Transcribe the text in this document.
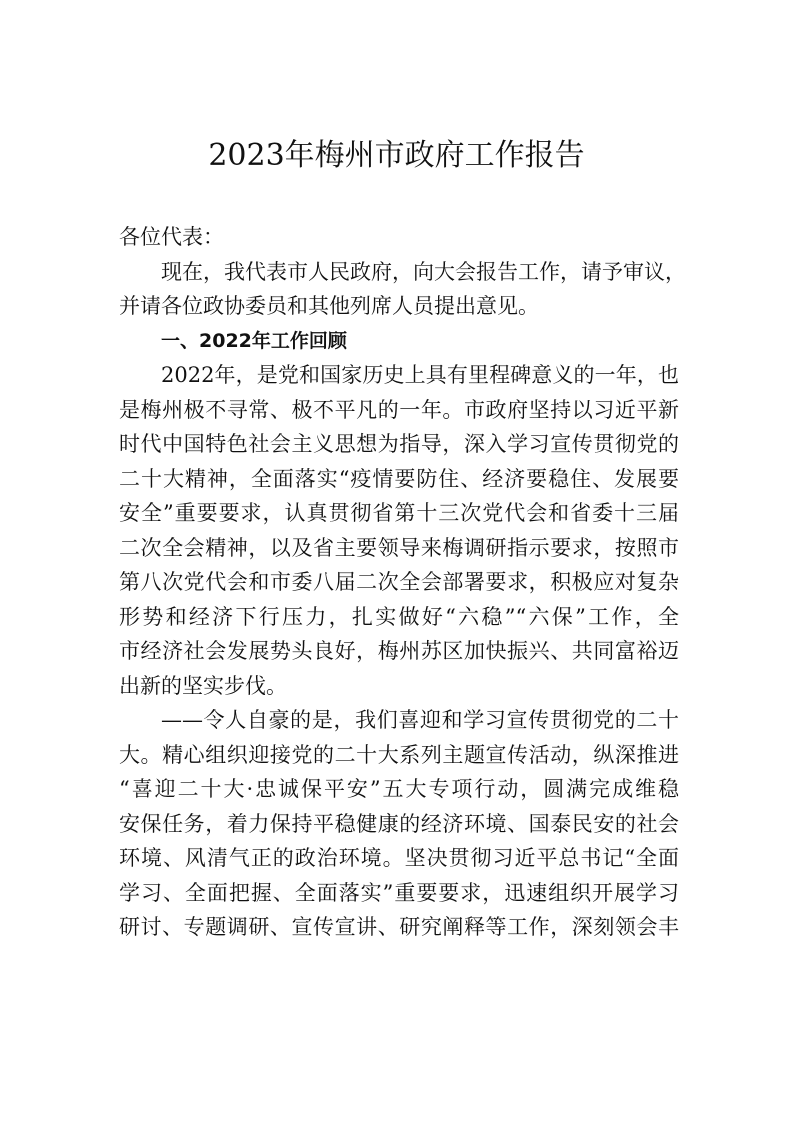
2023年梅州市政府工作报告
各位代表：
现在，我代表市人民政府，向大会报告工作，请予审议，
并请各位政协委员和其他列席人员提出意见。
一、2022年工作回顾
2022年，是党和国家历史上具有里程碑意义的一年，也
是梅州极不寻常、极不平凡的一年。市政府坚持以习近平新
时代中国特色社会主义思想为指导，深入学习宣传贯彻党的
二十大精神，全面落实“疫情要防住、经济要稳住、发展要
安全”重要要求，认真贯彻省第十三次党代会和省委十三届
二次全会精神，以及省主要领导来梅调研指示要求，按照市
第八次党代会和市委八届二次全会部署要求，积极应对复杂
形势和经济下行压力，扎实做好“六稳”“六保”工作，全
市经济社会发展势头良好，梅州苏区加快振兴、共同富裕迈
出新的坚实步伐。
——令人自豪的是，我们喜迎和学习宣传贯彻党的二十
大。精心组织迎接党的二十大系列主题宣传活动，纵深推进
“喜迎二十大·忠诚保平安”五大专项行动，圆满完成维稳
安保任务，着力保持平稳健康的经济环境、国泰民安的社会
环境、风清气正的政治环境。坚决贯彻习近平总书记“全面
学习、全面把握、全面落实”重要要求，迅速组织开展学习
研讨、专题调研、宣传宣讲、研究阐释等工作，深刻领会丰
